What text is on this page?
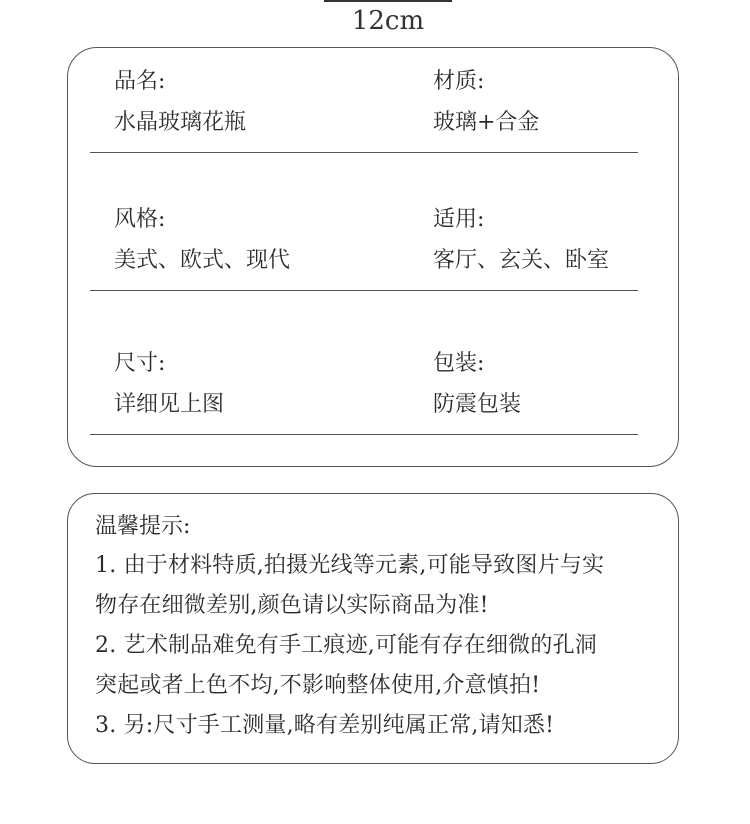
12cm
品名:
水晶玻璃花瓶
材质:
玻璃+合金
风格:
美式、欧式、现代
适用:
客厅、玄关、卧室
尺寸:
详细见上图
包装:
防震包装
温馨提示:
1. 由于材料特质,拍摄光线等元素,可能导致图片与实
物存在细微差别,颜色请以实际商品为准!
2. 艺术制品难免有手工痕迹,可能有存在细微的孔洞
突起或者上色不均,不影响整体使用,介意慎拍!
3. 另:尺寸手工测量,略有差别纯属正常,请知悉!
